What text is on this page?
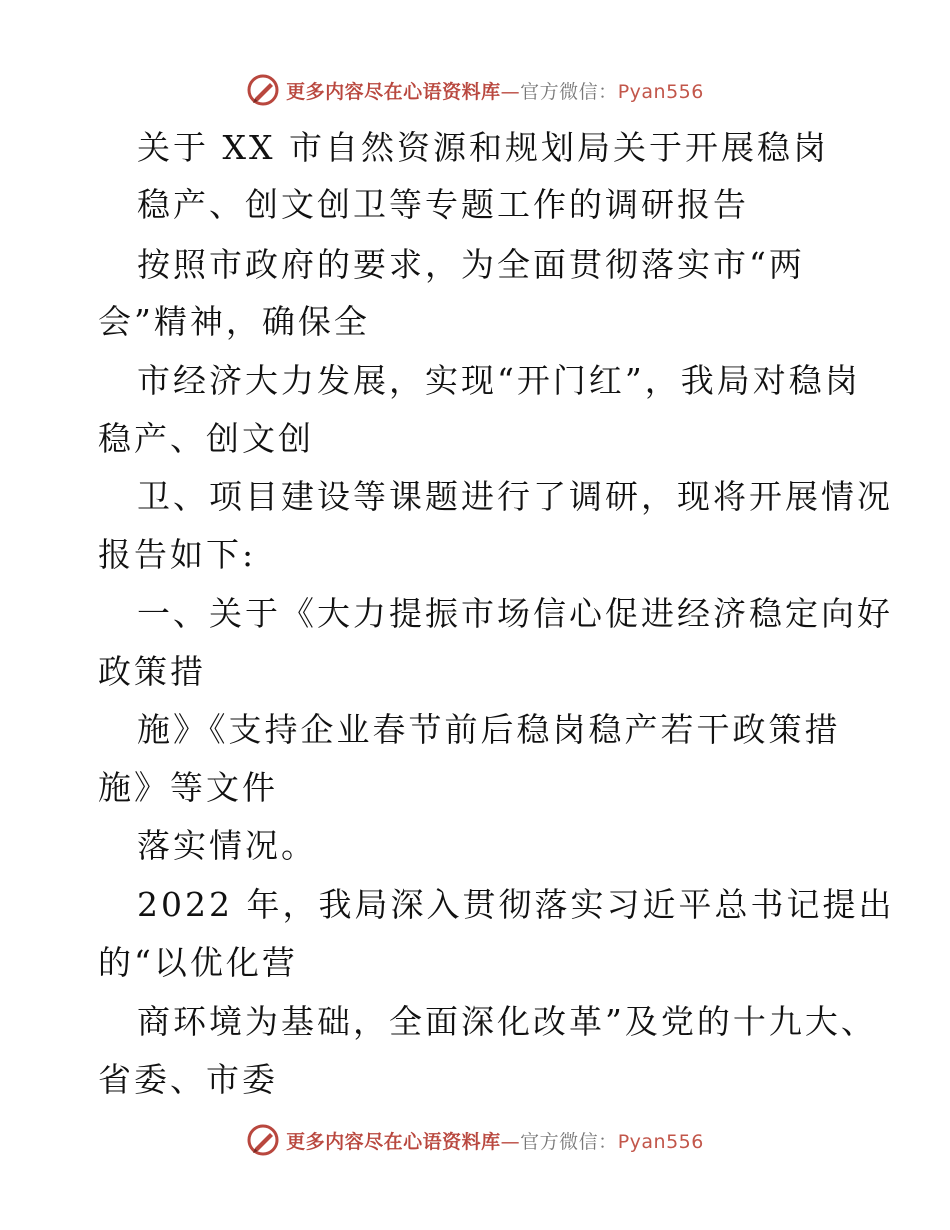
更多内容尽在心语资料库—官方微信：Pyan556
关于 XX 市自然资源和规划局关于开展稳岗
稳产、创文创卫等专题工作的调研报告
按照市政府的要求，为全面贯彻落实市“两
会”精神，确保全
市经济大力发展，实现“开门红”，我局对稳岗
稳产、创文创
卫、项目建设等课题进行了调研，现将开展情况
报告如下:
一、关于《大力提振市场信心促进经济稳定向好
政策措
施》《支持企业春节前后稳岗稳产若干政策措
施》等文件
落实情况。
2022 年，我局深入贯彻落实习近平总书记提出
的“以优化营
商环境为基础，全面深化改革”及党的十九大、
省委、市委
更多内容尽在心语资料库—官方微信：Pyan556
